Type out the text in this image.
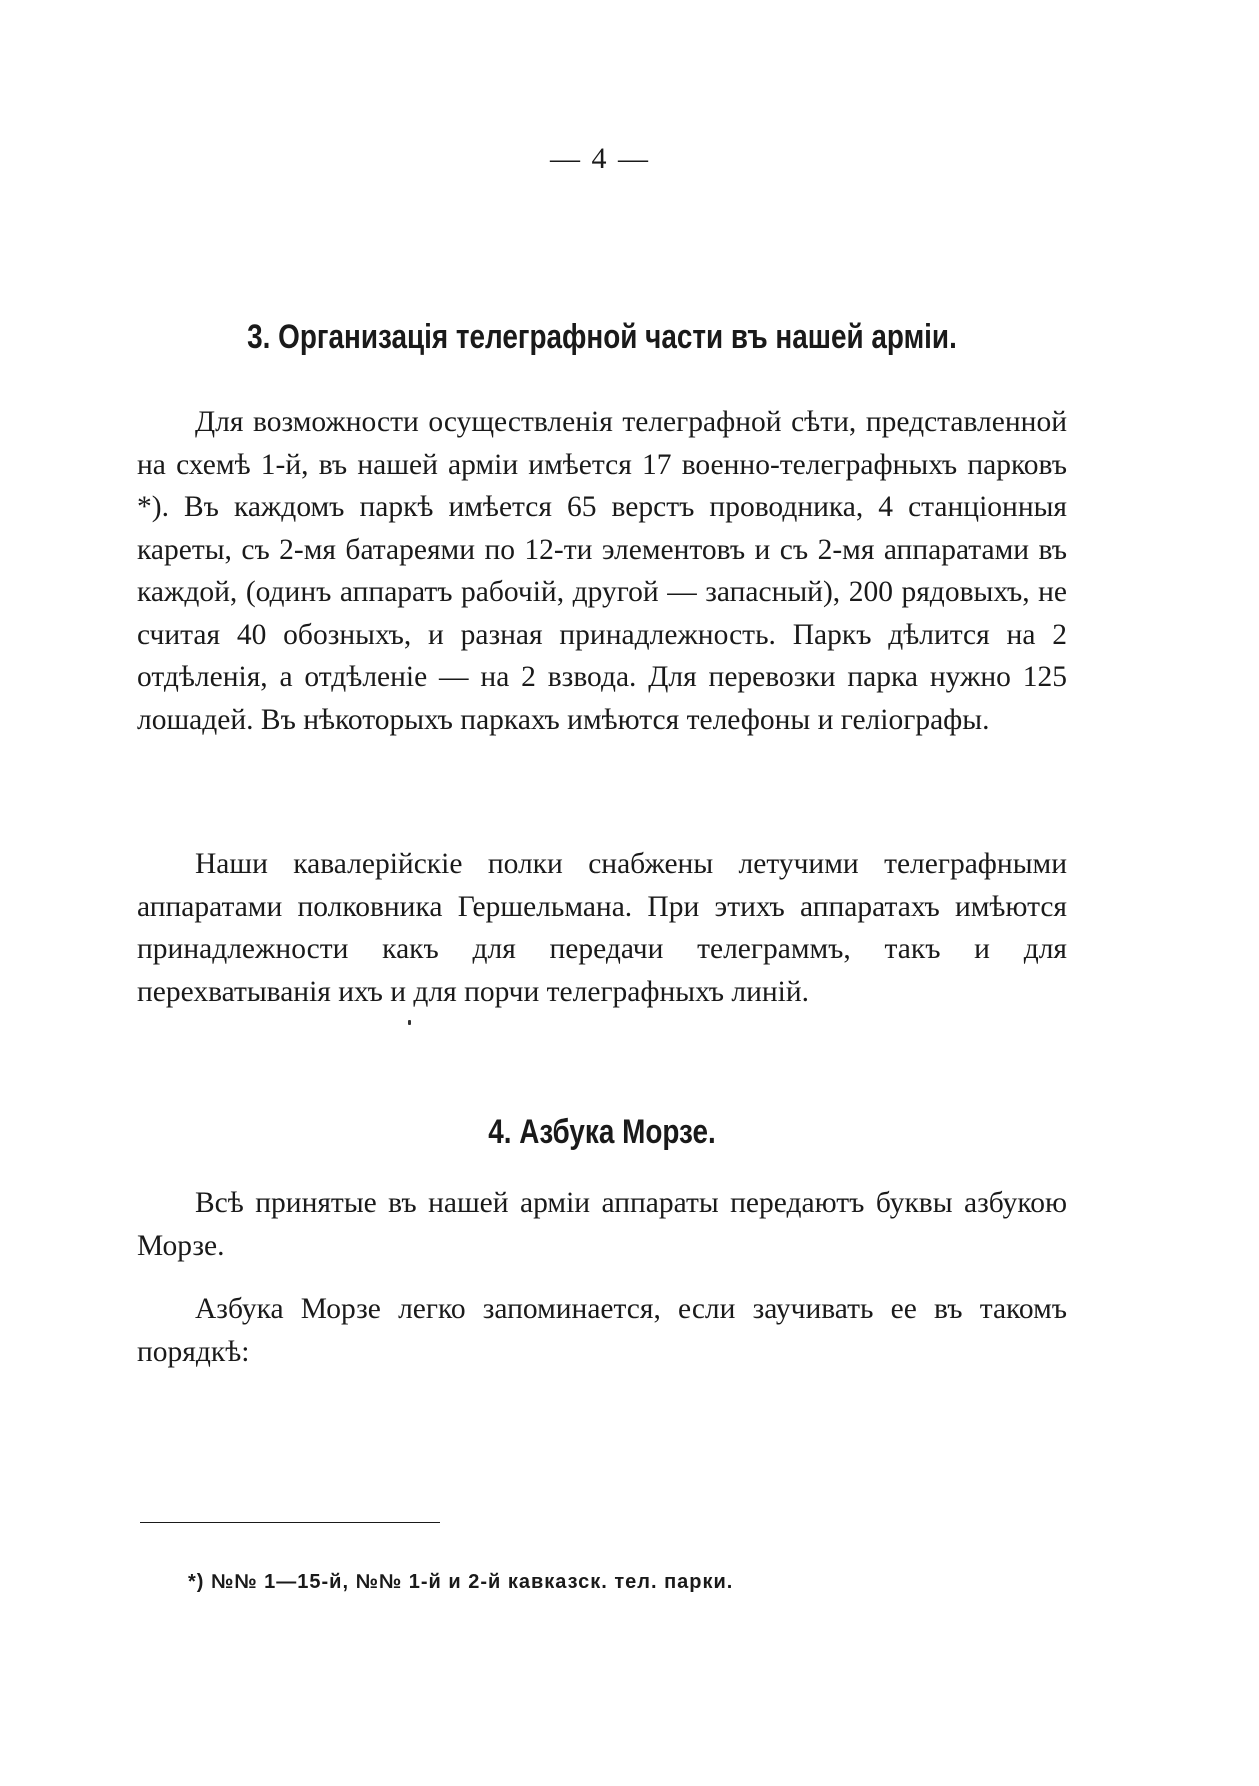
— 4 —

3. Организація телеграфной части въ нашей арміи.

Для возможности осуществленія телеграфной сѣти, представленной на схемѣ 1-й, въ нашей арміи имѣется 17 военно-телеграфныхъ парковъ *). Въ каждомъ паркѣ имѣется 65 верстъ проводника, 4 станціонныя кареты, съ 2-мя батареями по 12-ти элементовъ и съ 2-мя аппаратами въ каждой, (одинъ аппаратъ рабочій, другой — запасный), 200 рядовыхъ, не считая 40 обозныхъ, и разная принадлежность. Паркъ дѣлится на 2 отдѣленія, а отдѣленіе — на 2 взвода. Для перевозки парка нужно 125 лошадей. Въ нѣкоторыхъ паркахъ имѣются телефоны и геліографы.

Наши кавалерійскіе полки снабжены летучими телеграфными аппаратами полковника Гершельмана. При этихъ аппаратахъ имѣются принадлежности какъ для передачи телеграммъ, такъ и для перехватыванія ихъ и для порчи телеграфныхъ линій.

4. Азбука Морзе.

Всѣ принятые въ нашей арміи аппараты передаютъ буквы азбукою Морзе.

Азбука Морзе легко запоминается, если заучивать ее въ такомъ порядкѣ:

*) №№ 1—15-й, №№ 1-й и 2-й кавказск. тел. парки.
